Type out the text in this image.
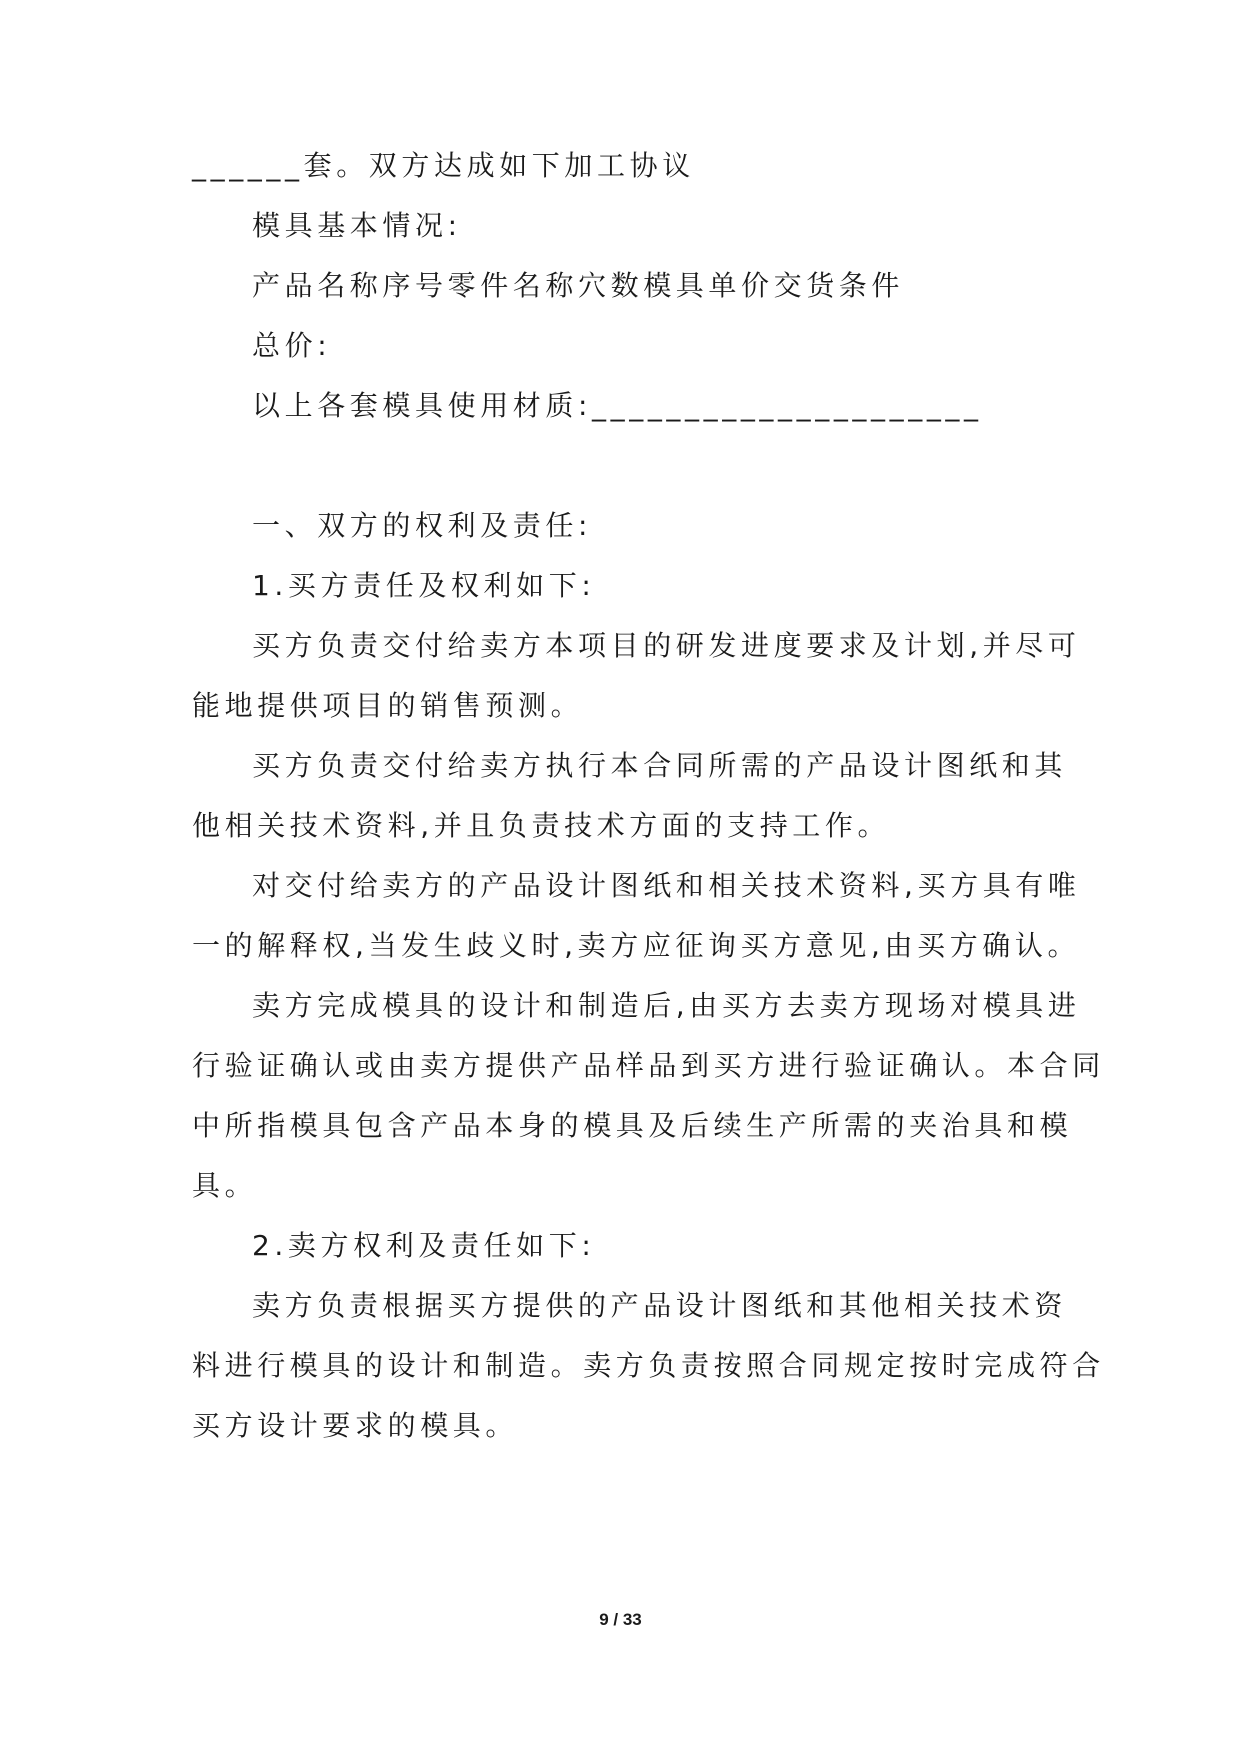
______套。双方达成如下加工协议
模具基本情况:
产品名称序号零件名称穴数模具单价交货条件
总价:
以上各套模具使用材质:_____________________
一、双方的权利及责任:
1.买方责任及权利如下:
买方负责交付给卖方本项目的研发进度要求及计划,并尽可
能地提供项目的销售预测。
买方负责交付给卖方执行本合同所需的产品设计图纸和其
他相关技术资料,并且负责技术方面的支持工作。
对交付给卖方的产品设计图纸和相关技术资料,买方具有唯
一的解释权,当发生歧义时,卖方应征询买方意见,由买方确认。
卖方完成模具的设计和制造后,由买方去卖方现场对模具进
行验证确认或由卖方提供产品样品到买方进行验证确认。本合同
中所指模具包含产品本身的模具及后续生产所需的夹治具和模
具。
2.卖方权利及责任如下:
卖方负责根据买方提供的产品设计图纸和其他相关技术资
料进行模具的设计和制造。卖方负责按照合同规定按时完成符合
买方设计要求的模具。
9 / 33
